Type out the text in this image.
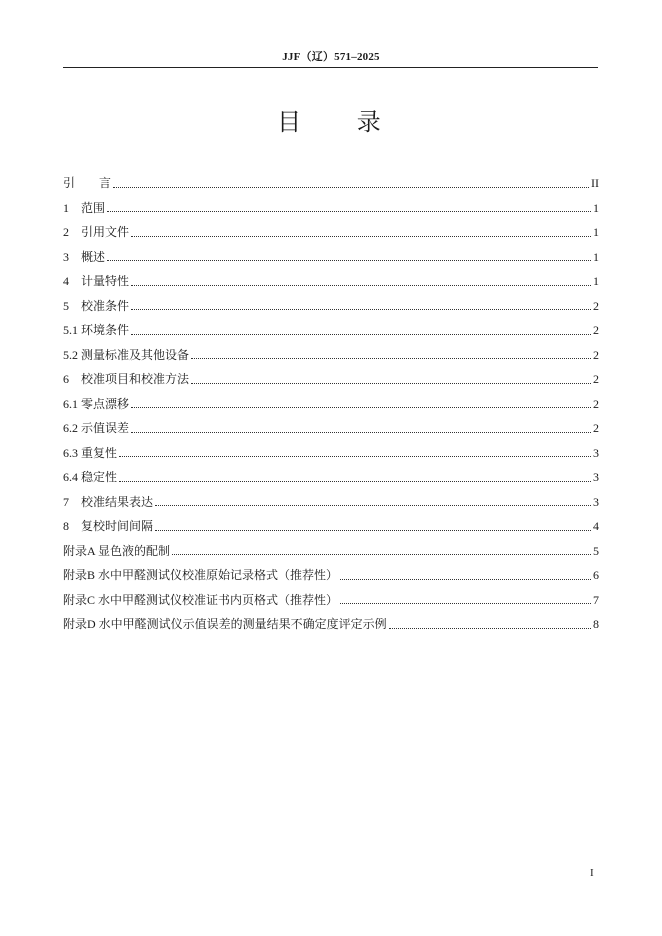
JJF（辽）571–2025
目 录
引　　 言	II
1　 范围	1
2　 引用文件	1
3　 概述	1
4　 计量特性	1
5　 校准条件	2
5.1 环境条件	2
5.2 测量标准及其他设备	2
6　 校准项目和校准方法	2
6.1 零点漂移	2
6.2 示值误差	2
6.3 重复性	3
6.4 稳定性	3
7　 校准结果表达	3
8　 复校时间间隔	4
附录A 显色液的配制	5
附录B 水中甲醛测试仪校准原始记录格式（推荐性）	6
附录C 水中甲醛测试仪校准证书内页格式（推荐性）	7
附录D 水中甲醛测试仪示值误差的测量结果不确定度评定示例	8
I
